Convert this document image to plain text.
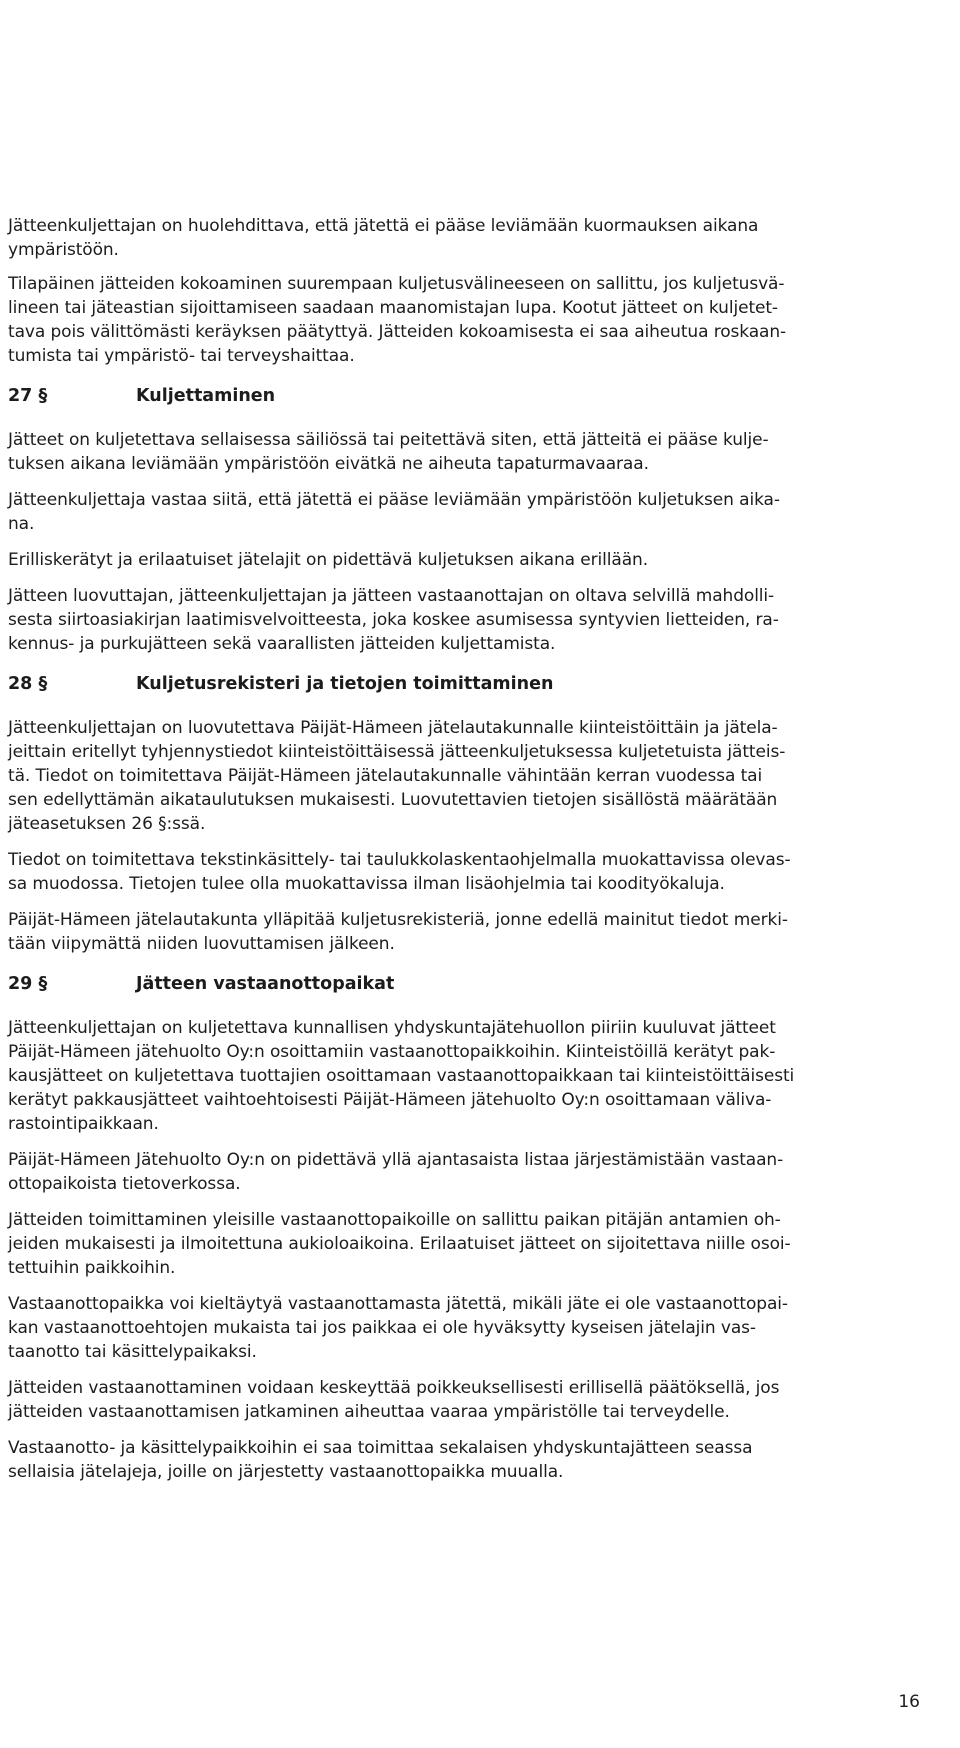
Jätteenkuljettajan on huolehdittava, että jätettä ei pääse leviämään kuormauksen aikana
ympäristöön.

Tilapäinen jätteiden kokoaminen suurempaan kuljetusvälineeseen on sallittu, jos kuljetusvä-
lineen tai jäteastian sijoittamiseen saadaan maanomistajan lupa. Kootut jätteet on kuljetet-
tava pois välittömästi keräyksen päätyttyä. Jätteiden kokoamisesta ei saa aiheutua roskaan-
tumista tai ympäristö- tai terveyshaittaa.

27 §	Kuljettaminen

Jätteet on kuljetettava sellaisessa säiliössä tai peitettävä siten, että jätteitä ei pääse kulje-
tuksen aikana leviämään ympäristöön eivätkä ne aiheuta tapaturmavaaraa.

Jätteenkuljettaja vastaa siitä, että jätettä ei pääse leviämään ympäristöön kuljetuksen aika-
na.

Erilliskerätyt ja erilaatuiset jätelajit on pidettävä kuljetuksen aikana erillään.

Jätteen luovuttajan, jätteenkuljettajan ja jätteen vastaanottajan on oltava selvillä mahdolli-
sesta siirtoasiakirjan laatimisvelvoitteesta, joka koskee asumisessa syntyvien lietteiden, ra-
kennus- ja purkujätteen sekä vaarallisten jätteiden kuljettamista.

28 §	Kuljetusrekisteri ja tietojen toimittaminen

Jätteenkuljettajan on luovutettava Päijät-Hämeen jätelautakunnalle kiinteistöittäin ja jätela-
jeittain eritellyt tyhjennystiedot kiinteistöittäisessä jätteenkuljetuksessa kuljetetuista jätteis-
tä. Tiedot on toimitettava Päijät-Hämeen jätelautakunnalle vähintään kerran vuodessa tai
sen edellyttämän aikataulutuksen mukaisesti. Luovutettavien tietojen sisällöstä määrätään
jäteasetuksen 26 §:ssä.

Tiedot on toimitettava tekstinkäsittely- tai taulukkolaskentaohjelmalla muokattavissa olevas-
sa muodossa. Tietojen tulee olla muokattavissa ilman lisäohjelmia tai koodityökaluja.

Päijät-Hämeen jätelautakunta ylläpitää kuljetusrekisteriä, jonne edellä mainitut tiedot merki-
tään viipymättä niiden luovuttamisen jälkeen.

29 §	Jätteen vastaanottopaikat

Jätteenkuljettajan on kuljetettava kunnallisen yhdyskuntajätehuollon piiriin kuuluvat jätteet
Päijät-Hämeen jätehuolto Oy:n osoittamiin vastaanottopaikkoihin. Kiinteistöillä kerätyt pak-
kausjätteet on kuljetettava tuottajien osoittamaan vastaanottopaikkaan tai kiinteistöittäisesti
kerätyt pakkausjätteet vaihtoehtoisesti Päijät-Hämeen jätehuolto Oy:n osoittamaan väliva-
rastointipaikkaan.

Päijät-Hämeen Jätehuolto Oy:n on pidettävä yllä ajantasaista listaa järjestämistään vastaan-
ottopaikoista tietoverkossa.

Jätteiden toimittaminen yleisille vastaanottopaikoille on sallittu paikan pitäjän antamien oh-
jeiden mukaisesti ja ilmoitettuna aukioloaikoina. Erilaatuiset jätteet on sijoitettava niille osoi-
tettuihin paikkoihin.

Vastaanottopaikka voi kieltäytyä vastaanottamasta jätettä, mikäli jäte ei ole vastaanottopai-
kan vastaanottoehtojen mukaista tai jos paikkaa ei ole hyväksytty kyseisen jätelajin vas-
taanotto tai käsittelypaikaksi.

Jätteiden vastaanottaminen voidaan keskeyttää poikkeuksellisesti erillisellä päätöksellä, jos
jätteiden vastaanottamisen jatkaminen aiheuttaa vaaraa ympäristölle tai terveydelle.

Vastaanotto- ja käsittelypaikkoihin ei saa toimittaa sekalaisen yhdyskuntajätteen seassa
sellaisia jätelajeja, joille on järjestetty vastaanottopaikka muualla.

16
